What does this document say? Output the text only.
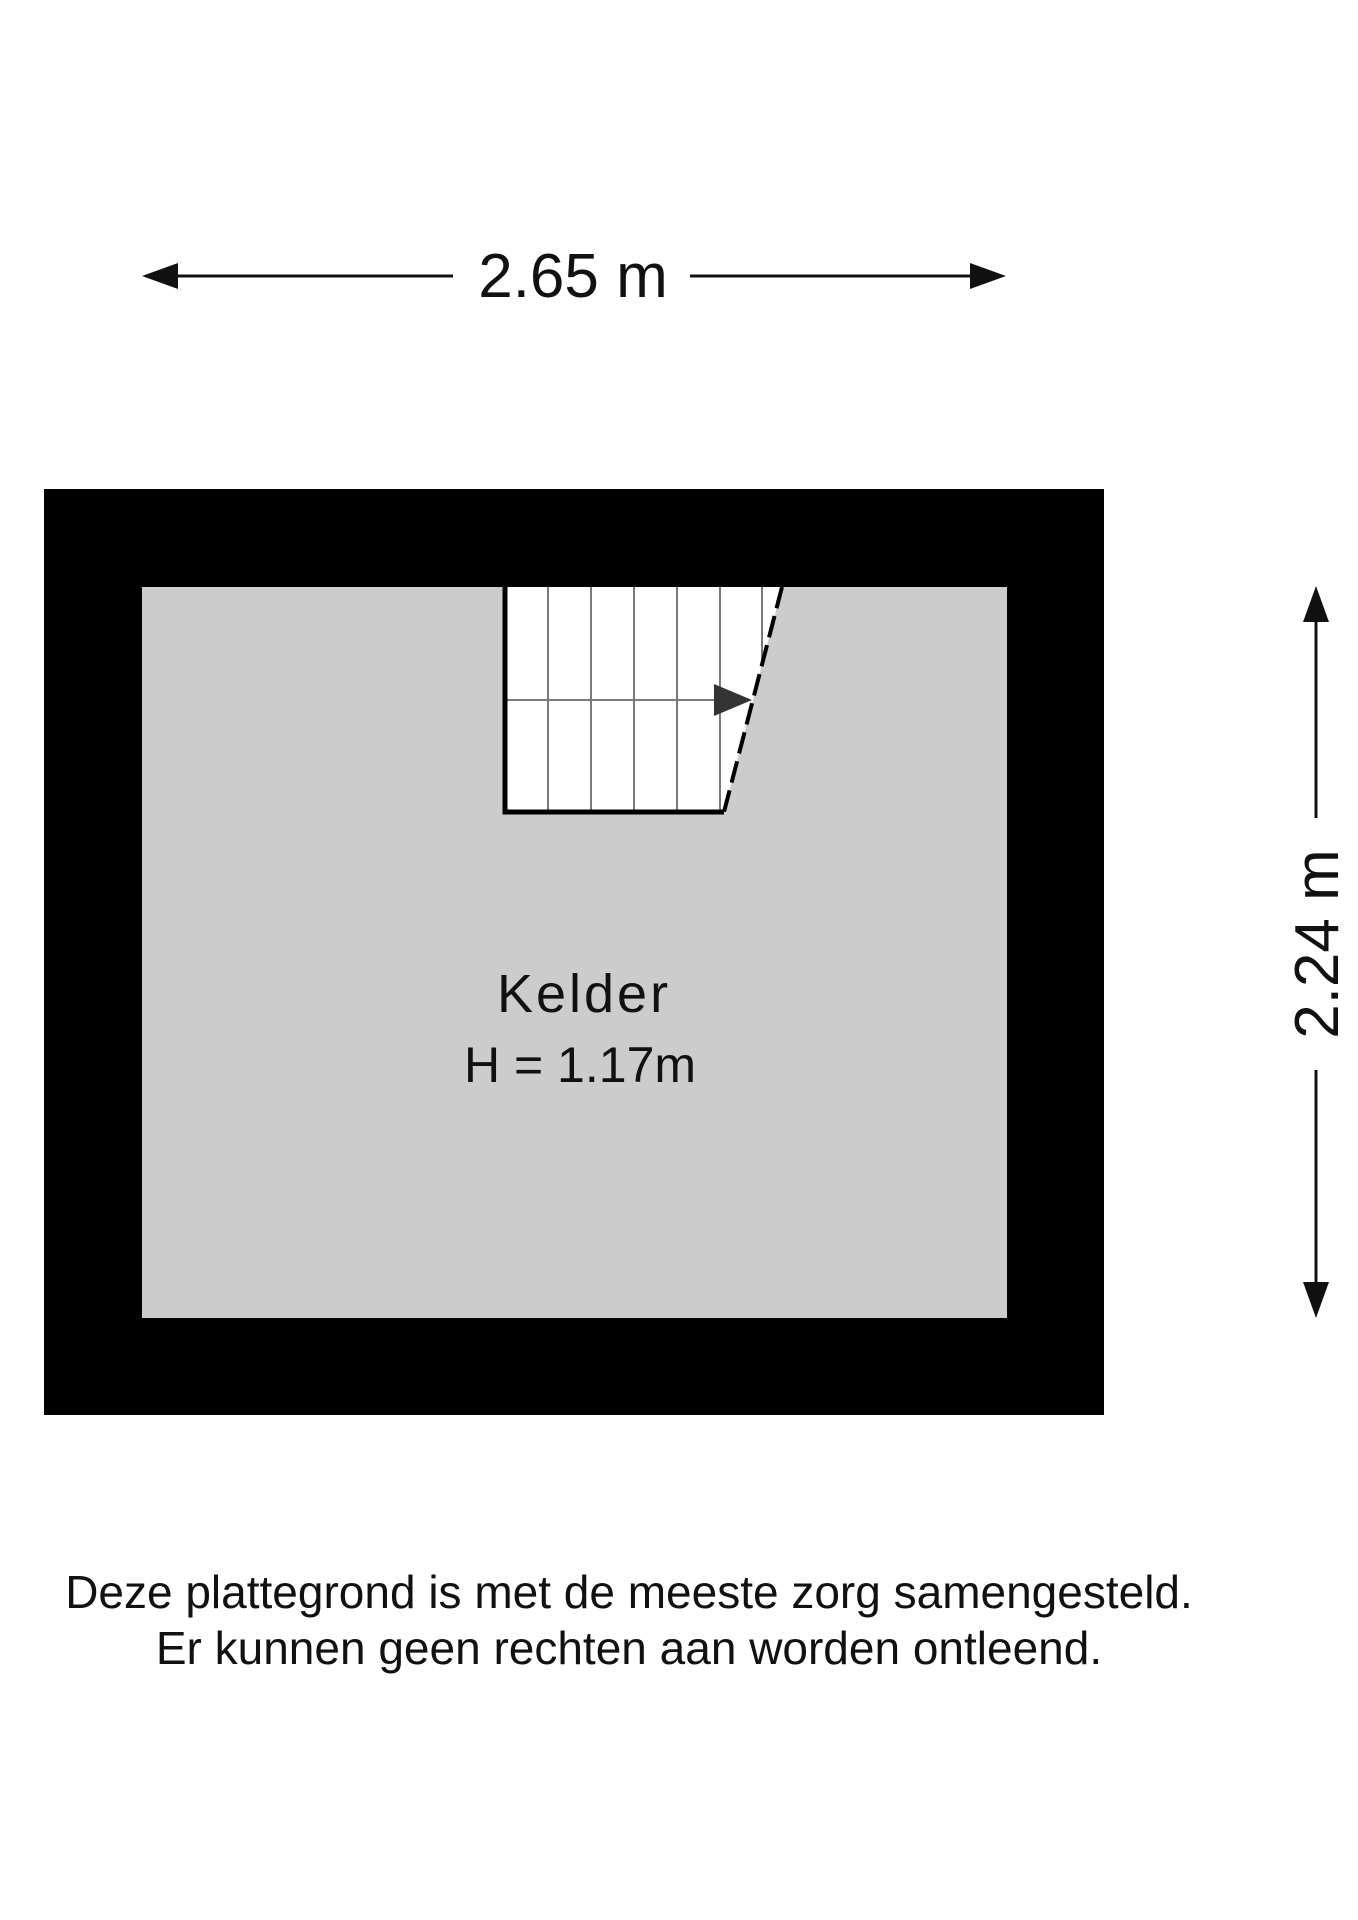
2.65 m
2.24 m
Kelder
H = 1.17m
Deze plattegrond is met de meeste zorg samengesteld.
Er kunnen geen rechten aan worden ontleend.
